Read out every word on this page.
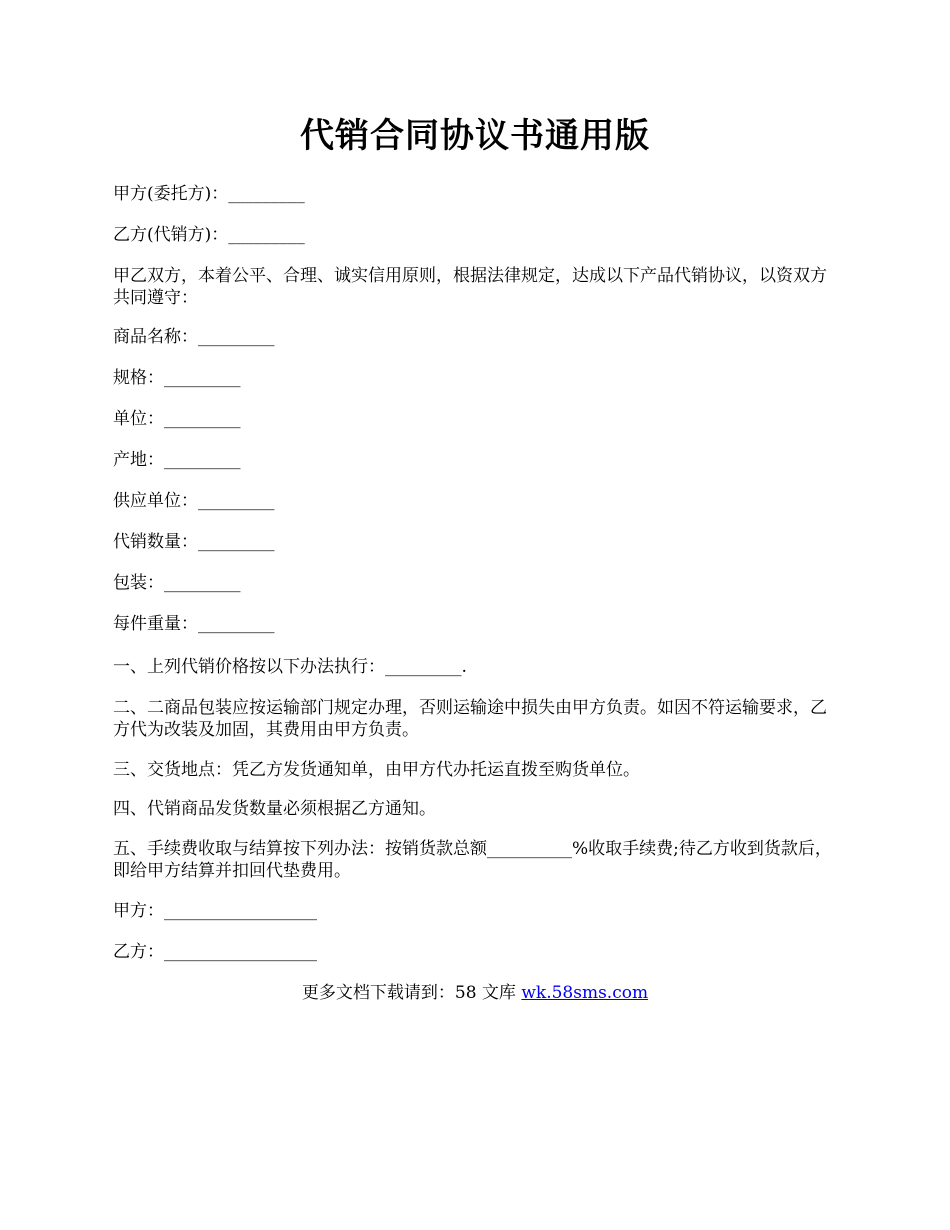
代销合同协议书通用版
甲方(委托方)：_________
乙方(代销方)：_________
甲乙双方，本着公平、合理、诚实信用原则，根据法律规定，达成以下产品代销协议，以资双方共同遵守：
商品名称：_________
规格：_________
单位：_________
产地：_________
供应单位：_________
代销数量：_________
包装：_________
每件重量：_________
一、上列代销价格按以下办法执行：_________.
二、二商品包装应按运输部门规定办理，否则运输途中损失由甲方负责。如因不符运输要求，乙方代为改装及加固，其费用由甲方负责。
三、交货地点：凭乙方发货通知单，由甲方代办托运直拨至购货单位。
四、代销商品发货数量必须根据乙方通知。
五、手续费收取与结算按下列办法：按销货款总额__________%收取手续费;待乙方收到货款后，即给甲方结算并扣回代垫费用。
甲方：__________________
乙方：__________________
更多文档下载请到：58 文库 wk.58sms.com
